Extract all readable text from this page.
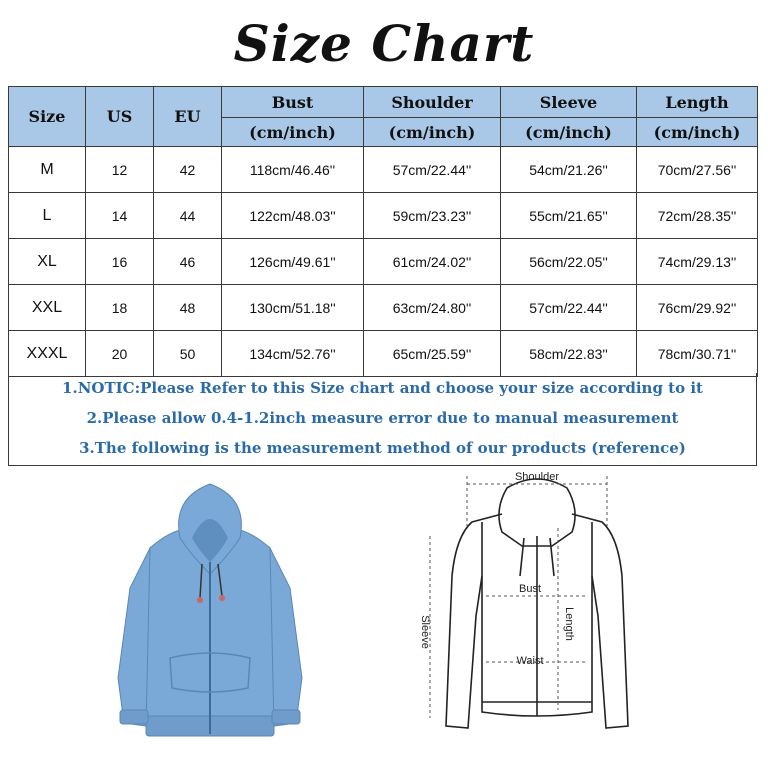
Size Chart
Size	US	EU	Bust	Shoulder	Sleeve	Length
			(cm/inch)	(cm/inch)	(cm/inch)	(cm/inch)
M	12	42	118cm/46.46''	57cm/22.44''	54cm/21.26''	70cm/27.56''
L	14	44	122cm/48.03''	59cm/23.23''	55cm/21.65''	72cm/28.35''
XL	16	46	126cm/49.61''	61cm/24.02''	56cm/22.05''	74cm/29.13''
XXL	18	48	130cm/51.18''	63cm/24.80''	57cm/22.44''	76cm/29.92''
XXXL	20	50	134cm/52.76''	65cm/25.59''	58cm/22.83''	78cm/30.71''
1.NOTIC:Please Refer to this Size chart and choose your size according to it
2.Please allow 0.4-1.2inch measure error due to manual measurement
3.The following is the measurement method of our products (reference)
Shoulder
Bust
Waist
Length
Sleeve
